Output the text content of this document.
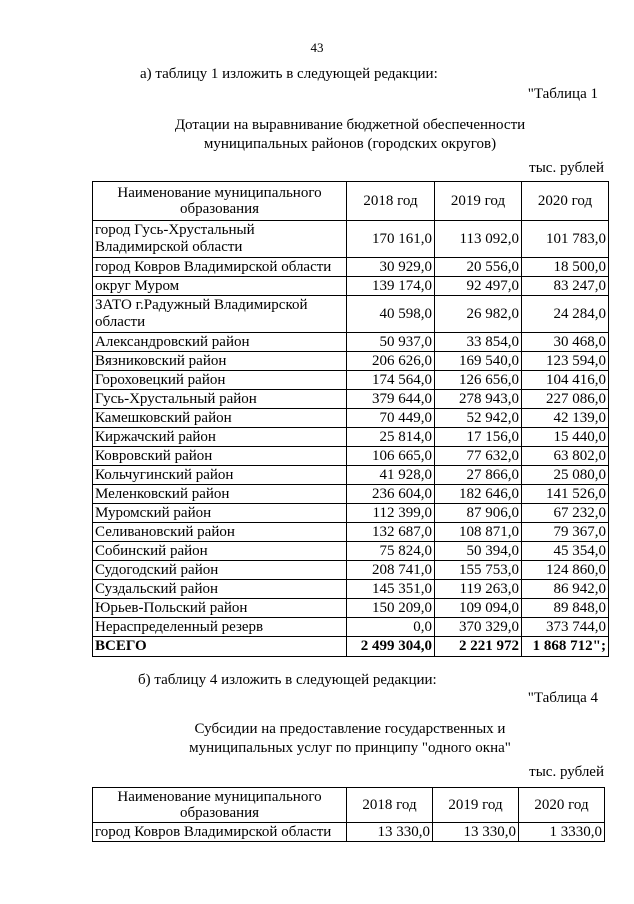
43
а) таблицу 1 изложить в следующей редакции:
"Таблица 1
Дотации на выравнивание бюджетной обеспеченности
муниципальных районов (городских округов)
тыс. рублей
Наименование муниципального
образования	2018 год	2019 год	2020 год

город Гусь-Хрустальный
Владимирской области	170 161,0	113 092,0	101 783,0

город Ковров Владимирской области	30 929,0	20 556,0	18 500,0

округ Муром	139 174,0	92 497,0	83 247,0

ЗАТО г.Радужный Владимирской
области	40 598,0	26 982,0	24 284,0

Александровский район	50 937,0	33 854,0	30 468,0

Вязниковский район	206 626,0	169 540,0	123 594,0

Гороховецкий район	174 564,0	126 656,0	104 416,0

Гусь-Хрустальный район	379 644,0	278 943,0	227 086,0

Камешковский район	70 449,0	52 942,0	42 139,0

Киржачский район	25 814,0	17 156,0	15 440,0

Ковровский район	106 665,0	77 632,0	63 802,0

Кольчугинский район	41 928,0	27 866,0	25 080,0

Меленковский район	236 604,0	182 646,0	141 526,0

Муромский район	112 399,0	87 906,0	67 232,0

Селивановский район	132 687,0	108 871,0	79 367,0

Собинский район	75 824,0	50 394,0	45 354,0

Судогодский район	208 741,0	155 753,0	124 860,0

Суздальский район	145 351,0	119 263,0	86 942,0

Юрьев-Польский район	150 209,0	109 094,0	89 848,0

Нераспределенный резерв	0,0	370 329,0	373 744,0
ВСЕГО	2 499 304,0	2 221 972	1 868 712";
б) таблицу 4 изложить в следующей редакции:
"Таблица 4
Субсидии на предоставление государственных и
муниципальных услуг по принципу "одного окна"
тыс. рублей
Наименование муниципального
образования	2018 год	2019 год	2020 год
город Ковров Владимирской области	13 330,0	13 330,0	1 3330,0
